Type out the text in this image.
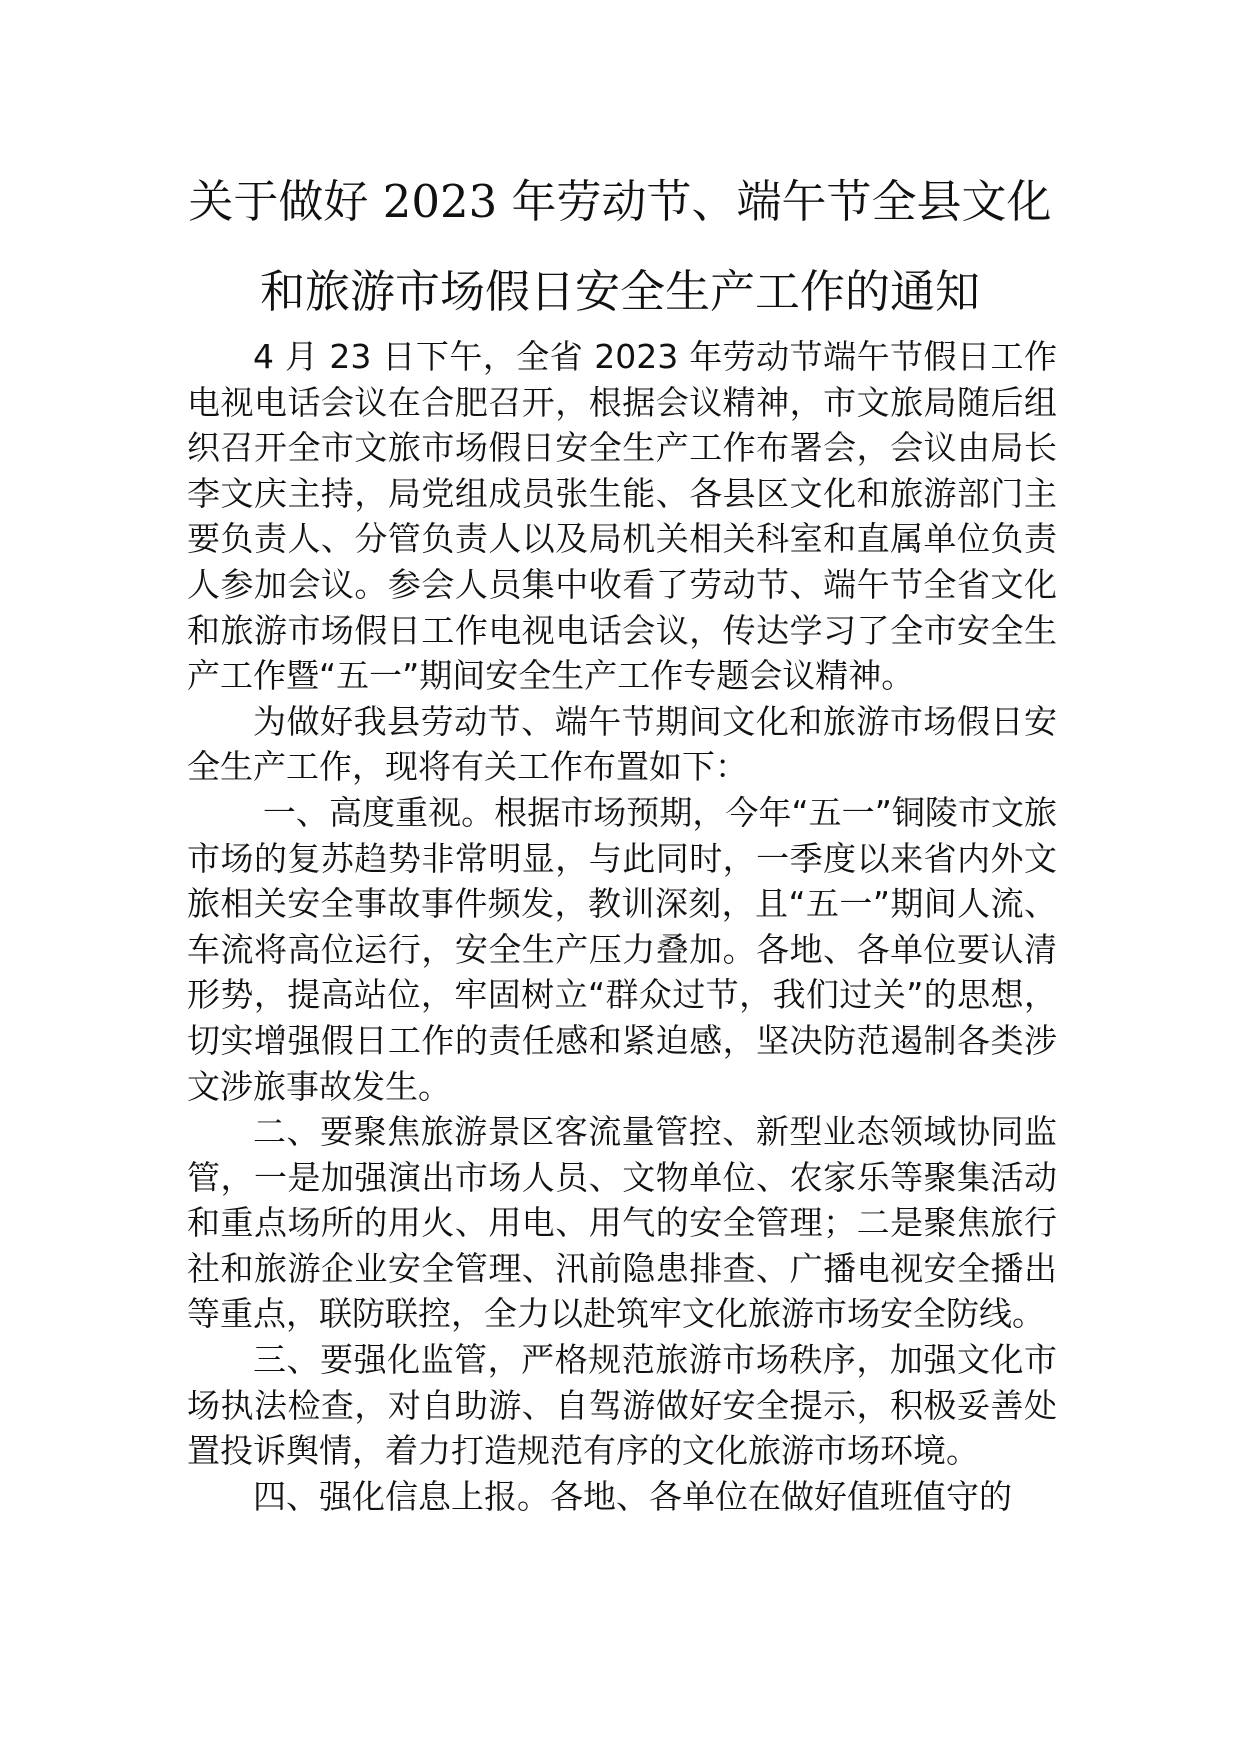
关于做好 2023 年劳动节、端午节全县文化
和旅游市场假日安全生产工作的通知

4 月 23 日下午，全省 2023 年劳动节端午节假日工作电视电话会议在合肥召开，根据会议精神，市文旅局随后组织召开全市文旅市场假日安全生产工作布署会，会议由局长李文庆主持，局党组成员张生能、各县区文化和旅游部门主要负责人、分管负责人以及局机关相关科室和直属单位负责人参加会议。参会人员集中收看了劳动节、端午节全省文化和旅游市场假日工作电视电话会议，传达学习了全市安全生产工作暨“五一”期间安全生产工作专题会议精神。

为做好我县劳动节、端午节期间文化和旅游市场假日安全生产工作，现将有关工作布置如下：

一、高度重视。根据市场预期，今年“五一”铜陵市文旅市场的复苏趋势非常明显，与此同时，一季度以来省内外文旅相关安全事故事件频发，教训深刻，且“五一”期间人流、车流将高位运行，安全生产压力叠加。各地、各单位要认清形势，提高站位，牢固树立“群众过节，我们过关”的思想，切实增强假日工作的责任感和紧迫感，坚决防范遏制各类涉文涉旅事故发生。

二、要聚焦旅游景区客流量管控、新型业态领域协同监管，一是加强演出市场人员、文物单位、农家乐等聚集活动和重点场所的用火、用电、用气的安全管理；二是聚焦旅行社和旅游企业安全管理、汛前隐患排查、广播电视安全播出等重点，联防联控，全力以赴筑牢文化旅游市场安全防线。

三、要强化监管，严格规范旅游市场秩序，加强文化市场执法检查，对自助游、自驾游做好安全提示，积极妥善处置投诉舆情，着力打造规范有序的文化旅游市场环境。

四、强化信息上报。各地、各单位在做好值班值守的
